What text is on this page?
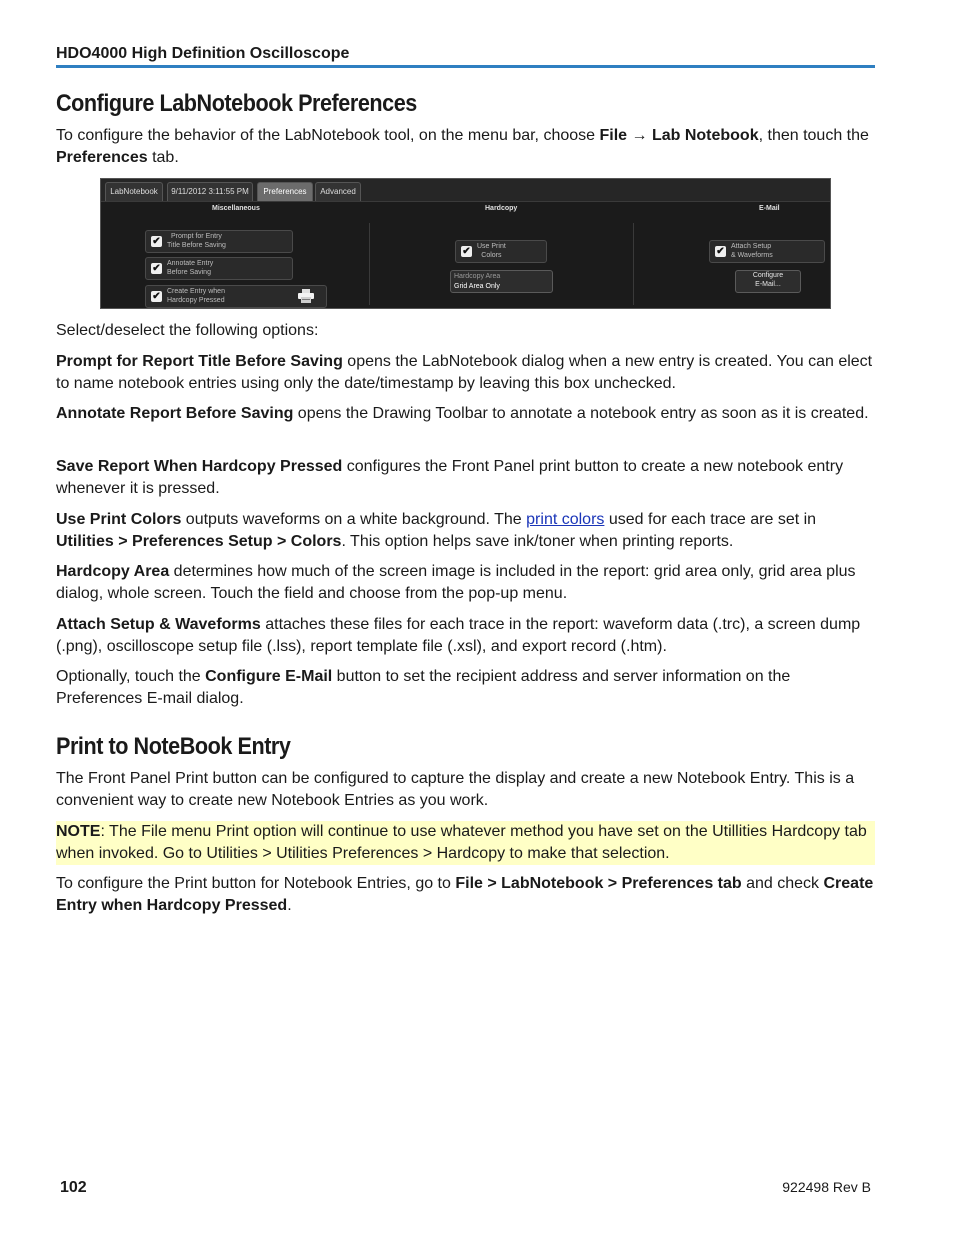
HDO4000 High Definition Oscilloscope
Configure LabNotebook Preferences
To configure the behavior of the LabNotebook tool, on the menu bar, choose File → Lab Notebook, then touch the Preferences tab.
LabNotebook	9/11/2012 3:11:55 PM	Preferences	Advanced
Miscellaneous	Hardcopy	E-Mail
✔	Prompt for Entry
Title Before Saving
✔ Annotate Entry
Before Saving
✔ Create Entry when
Hardcopy Pressed
✔ Use Print
Colors
Hardcopy Area
Grid Area Only
✔ Attach Setup
& Waveforms
Configure
E-Mail...
Select/deselect the following options:
Prompt for Report Title Before Saving opens the LabNotebook dialog when a new entry is created. You can elect to name notebook entries using only the date/timestamp by leaving this box unchecked.
Annotate Report Before Saving opens the Drawing Toolbar to annotate a notebook entry as soon as it is created.
Save Report When Hardcopy Pressed configures the Front Panel print button to create a new notebook entry whenever it is pressed.
Use Print Colors outputs waveforms on a white background. The print colors used for each trace are set in Utilities > Preferences Setup > Colors. This option helps save ink/toner when printing reports.
Hardcopy Area determines how much of the screen image is included in the report: grid area only, grid area plus dialog, whole screen. Touch the field and choose from the pop-up menu.
Attach Setup & Waveforms attaches these files for each trace in the report: waveform data (.trc), a screen dump (.png), oscilloscope setup file (.lss), report template file (.xsl), and export record (.htm).
Optionally, touch the Configure E-Mail button to set the recipient address and server information on the Preferences E-mail dialog.
Print to NoteBook Entry
The Front Panel Print button can be configured to capture the display and create a new Notebook Entry. This is a convenient way to create new Notebook Entries as you work.
NOTE: The File menu Print option will continue to use whatever method you have set on the Utillities Hardcopy tab when invoked. Go to Utilities > Utilities Preferences > Hardcopy to make that selection.
To configure the Print button for Notebook Entries, go to File > LabNotebook > Preferences tab and check Create Entry when Hardcopy Pressed.
102	922498 Rev B
